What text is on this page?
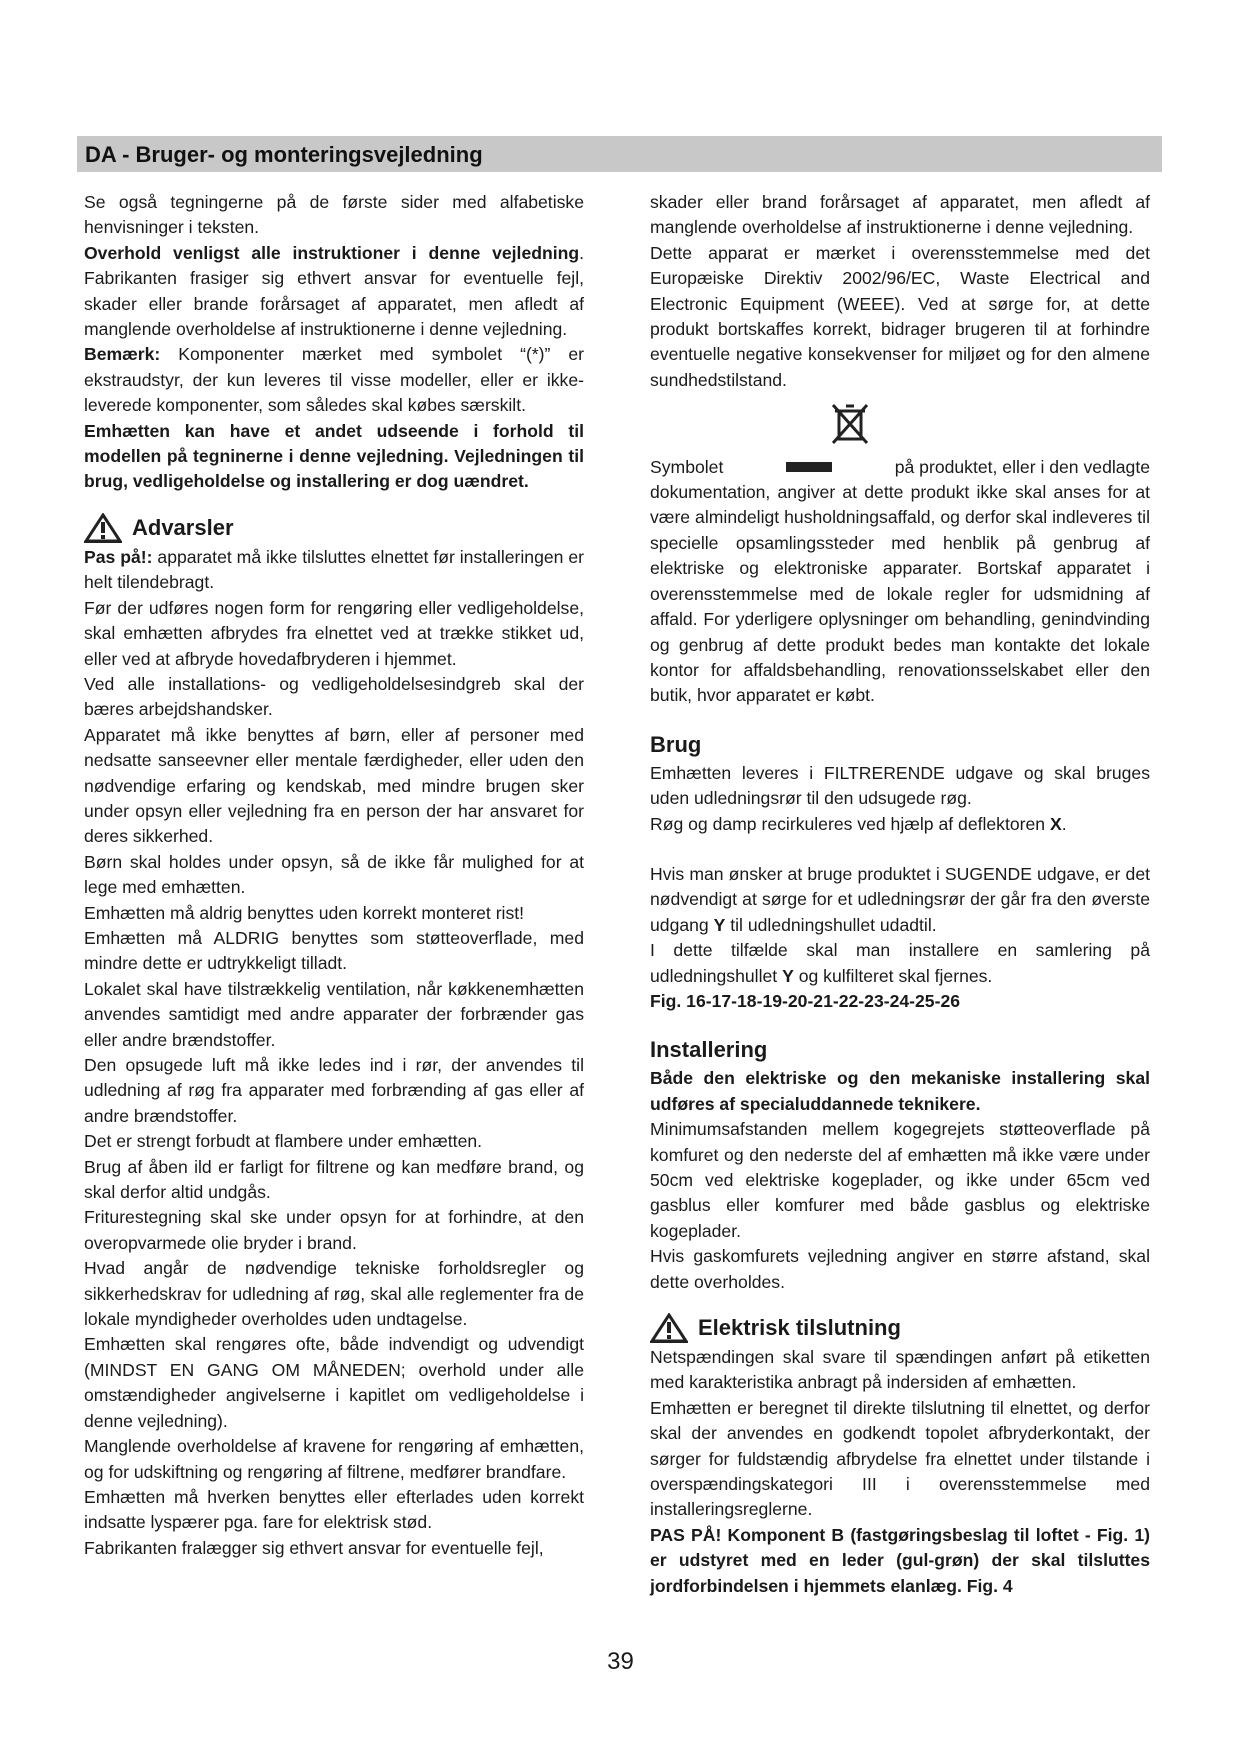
DA - Bruger- og monteringsvejledning

Se også tegningerne på de første sider med alfabetiske henvisninger i teksten.

Overhold venligst alle instruktioner i denne vejledning. Fabrikanten frasiger sig ethvert ansvar for eventuelle fejl, skader eller brande forårsaget af apparatet, men afledt af manglende overholdelse af instruktionerne i denne vejledning.

Bemærk: Komponenter mærket med symbolet “(*)” er ekstraudstyr, der kun leveres til visse modeller, eller er ikke-leverede komponenter, som således skal købes særskilt.

Emhætten kan have et andet udseende i forhold til modellen på tegninerne i denne vejledning. Vejledningen til brug, vedligeholdelse og installering er dog uændret.

Advarsler

Pas på!: apparatet må ikke tilsluttes elnettet før installeringen er helt tilendebragt.

Før der udføres nogen form for rengøring eller vedligeholdelse, skal emhætten afbrydes fra elnettet ved at trække stikket ud, eller ved at afbryde hovedafbryderen i hjemmet.

Ved alle installations- og vedligeholdelsesindgreb skal der bæres arbejdshandsker.

Apparatet må ikke benyttes af børn, eller af personer med nedsatte sanseevner eller mentale færdigheder, eller uden den nødvendige erfaring og kendskab, med mindre brugen sker under opsyn eller vejledning fra en person der har ansvaret for deres sikkerhed.

Børn skal holdes under opsyn, så de ikke får mulighed for at lege med emhætten.

Emhætten må aldrig benyttes uden korrekt monteret rist!

Emhætten må ALDRIG benyttes som støtteoverflade, med mindre dette er udtrykkeligt tilladt.

Lokalet skal have tilstrækkelig ventilation, når køkkenemhætten anvendes samtidigt med andre apparater der forbrænder gas eller andre brændstoffer.

Den opsugede luft må ikke ledes ind i rør, der anvendes til udledning af røg fra apparater med forbrænding af gas eller af andre brændstoffer.

Det er strengt forbudt at flambere under emhætten.

Brug af åben ild er farligt for filtrene og kan medføre brand, og skal derfor altid undgås.

Friturestegning skal ske under opsyn for at forhindre, at den overopvarmede olie bryder i brand.

Hvad angår de nødvendige tekniske forholdsregler og sikkerhedskrav for udledning af røg, skal alle reglementer fra de lokale myndigheder overholdes uden undtagelse.

Emhætten skal rengøres ofte, både indvendigt og udvendigt (MINDST EN GANG OM MÅNEDEN; overhold under alle omstændigheder angivelserne i kapitlet om vedligeholdelse i denne vejledning).

Manglende overholdelse af kravene for rengøring af emhætten, og for udskiftning og rengøring af filtrene, medfører brandfare.

Emhætten må hverken benyttes eller efterlades uden korrekt indsatte lyspærer pga. fare for elektrisk stød.

Fabrikanten fralægger sig ethvert ansvar for eventuelle fejl,

skader eller brand forårsaget af apparatet, men afledt af manglende overholdelse af instruktionerne i denne vejledning.

Dette apparat er mærket i overensstemmelse med det Europæiske Direktiv 2002/96/EC, Waste Electrical and Electronic Equipment (WEEE). Ved at sørge for, at dette produkt bortskaffes korrekt, bidrager brugeren til at forhindre eventuelle negative konsekvenser for miljøet og for den almene sundhedstilstand.

Symbolet	på produktet, eller i den vedlagte

dokumentation, angiver at dette produkt ikke skal anses for at være almindeligt husholdningsaffald, og derfor skal indleveres til specielle opsamlingssteder med henblik på genbrug af elektriske og elektroniske apparater. Bortskaf apparatet i overensstemmelse med de lokale regler for udsmidning af affald. For yderligere oplysninger om behandling, genindvinding og genbrug af dette produkt bedes man kontakte det lokale kontor for affaldsbehandling, renovationsselskabet eller den butik, hvor apparatet er købt.

Brug

Emhætten leveres i FILTRERENDE udgave og skal bruges uden udledningsrør til den udsugede røg.

Røg og damp recirkuleres ved hjælp af deflektoren X.

Hvis man ønsker at bruge produktet i SUGENDE udgave, er det nødvendigt at sørge for et udledningsrør der går fra den øverste udgang Y til udledningshullet udadtil.

I dette tilfælde skal man installere en samlering på udledningshullet Y og kulfilteret skal fjernes.

Fig. 16-17-18-19-20-21-22-23-24-25-26

Installering

Både den elektriske og den mekaniske installering skal udføres af specialuddannede teknikere.

Minimumsafstanden mellem kogegrejets støtteoverflade på komfuret og den nederste del af emhætten må ikke være under 50cm ved elektriske kogeplader, og ikke under 65cm ved gasblus eller komfurer med både gasblus og elektriske kogeplader.

Hvis gaskomfurets vejledning angiver en større afstand, skal dette overholdes.

Elektrisk tilslutning

Netspændingen skal svare til spændingen anført på etiketten med karakteristika anbragt på indersiden af emhætten.

Emhætten er beregnet til direkte tilslutning til elnettet, og derfor skal der anvendes en godkendt topolet afbryderkontakt, der sørger for fuldstændig afbrydelse fra elnettet under tilstande i overspændingskategori III i overensstemmelse med installeringsreglerne.

PAS PÅ! Komponent B (fastgøringsbeslag til loftet - Fig. 1) er udstyret med en leder (gul-grøn) der skal tilsluttes jordforbindelsen i hjemmets elanlæg. Fig. 4

39
